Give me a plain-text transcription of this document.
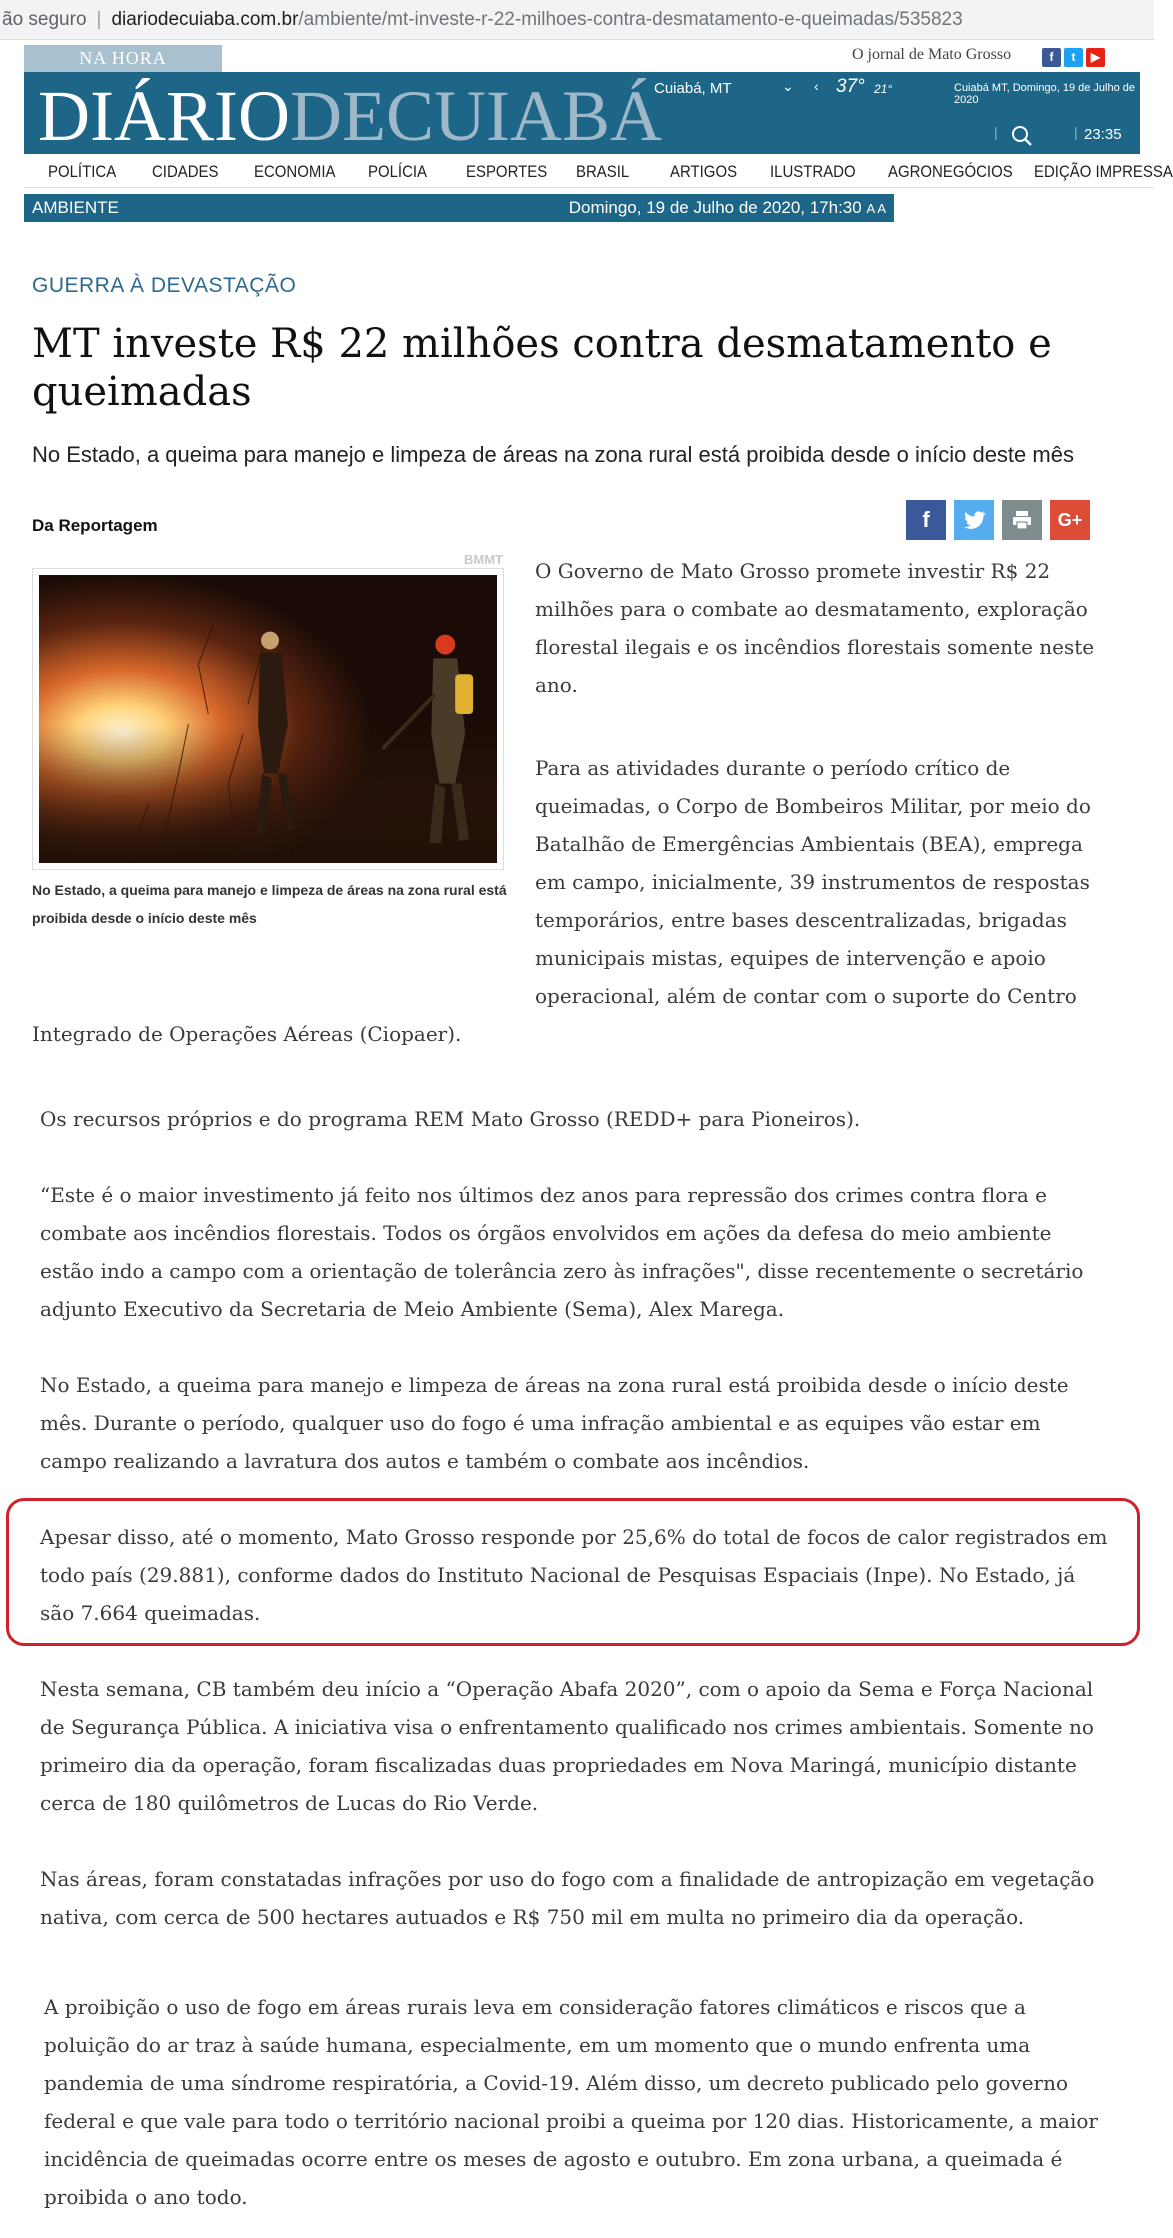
ão seguro | diariodecuiaba.com.br /ambiente/mt-investe-r-22-milhoes-contra-desmatamento-e-queimadas/535823
NA HORA	O jornal de Mato Grosso	f	t	▶
DIÁRIODECUIABÁ
Cuiabá, MT	⌄ ‹ 37° 21°	Cuiabá MT, Domingo, 19 de Julho de 2020
|	| 23:35
POLÍTICA CIDADES ECONOMIA POLÍCIA ESPORTES BRASIL ARTIGOS ILUSTRADO AGRONEGÓCIOS EDIÇÃO IMPRESSA
AMBIENTE	Domingo, 19 de Julho de 2020, 17h:30 A A
GUERRA À DEVASTAÇÃO
MT investe R$ 22 milhões contra desmatamento e queimadas
No Estado, a queima para manejo e limpeza de áreas na zona rural está proibida desde o início deste mês
Da Reportagem	f	G+
BMMT
No Estado, a queima para manejo e limpeza de áreas na zona rural está proibida desde o início deste mês
O Governo de Mato Grosso promete investir R$ 22
milhões para o combate ao desmatamento, exploração
florestal ilegais e os incêndios florestais somente neste
ano.
Para as atividades durante o período crítico de
queimadas, o Corpo de Bombeiros Militar, por meio do
Batalhão de Emergências Ambientais (BEA), emprega
em campo, inicialmente, 39 instrumentos de respostas
temporários, entre bases descentralizadas, brigadas
municipais mistas, equipes de intervenção e apoio
operacional, além de contar com o suporte do Centro
Integrado de Operações Aéreas (Ciopaer).
Os recursos próprios e do programa REM Mato Grosso (REDD+ para Pioneiros).
“Este é o maior investimento já feito nos últimos dez anos para repressão dos crimes contra flora e
combate aos incêndios florestais. Todos os órgãos envolvidos em ações da defesa do meio ambiente
estão indo a campo com a orientação de tolerância zero às infrações", disse recentemente o secretário
adjunto Executivo da Secretaria de Meio Ambiente (Sema), Alex Marega.
No Estado, a queima para manejo e limpeza de áreas na zona rural está proibida desde o início deste
mês. Durante o período, qualquer uso do fogo é uma infração ambiental e as equipes vão estar em
campo realizando a lavratura dos autos e também o combate aos incêndios.
Apesar disso, até o momento, Mato Grosso responde por 25,6% do total de focos de calor registrados em
todo país (29.881), conforme dados do Instituto Nacional de Pesquisas Espaciais (Inpe). No Estado, já
são 7.664 queimadas.
Nesta semana, CB também deu início a “Operação Abafa 2020”, com o apoio da Sema e Força Nacional
de Segurança Pública. A iniciativa visa o enfrentamento qualificado nos crimes ambientais. Somente no
primeiro dia da operação, foram fiscalizadas duas propriedades em Nova Maringá, município distante
cerca de 180 quilômetros de Lucas do Rio Verde.
Nas áreas, foram constatadas infrações por uso do fogo com a finalidade de antropização em vegetação
nativa, com cerca de 500 hectares autuados e R$ 750 mil em multa no primeiro dia da operação.
A proibição o uso de fogo em áreas rurais leva em consideração fatores climáticos e riscos que a
poluição do ar traz à saúde humana, especialmente, em um momento que o mundo enfrenta uma
pandemia de uma síndrome respiratória, a Covid-19. Além disso, um decreto publicado pelo governo
federal e que vale para todo o território nacional proibi a queima por 120 dias. Historicamente, a maior
incidência de queimadas ocorre entre os meses de agosto e outubro. Em zona urbana, a queimada é
proibida o ano todo.
